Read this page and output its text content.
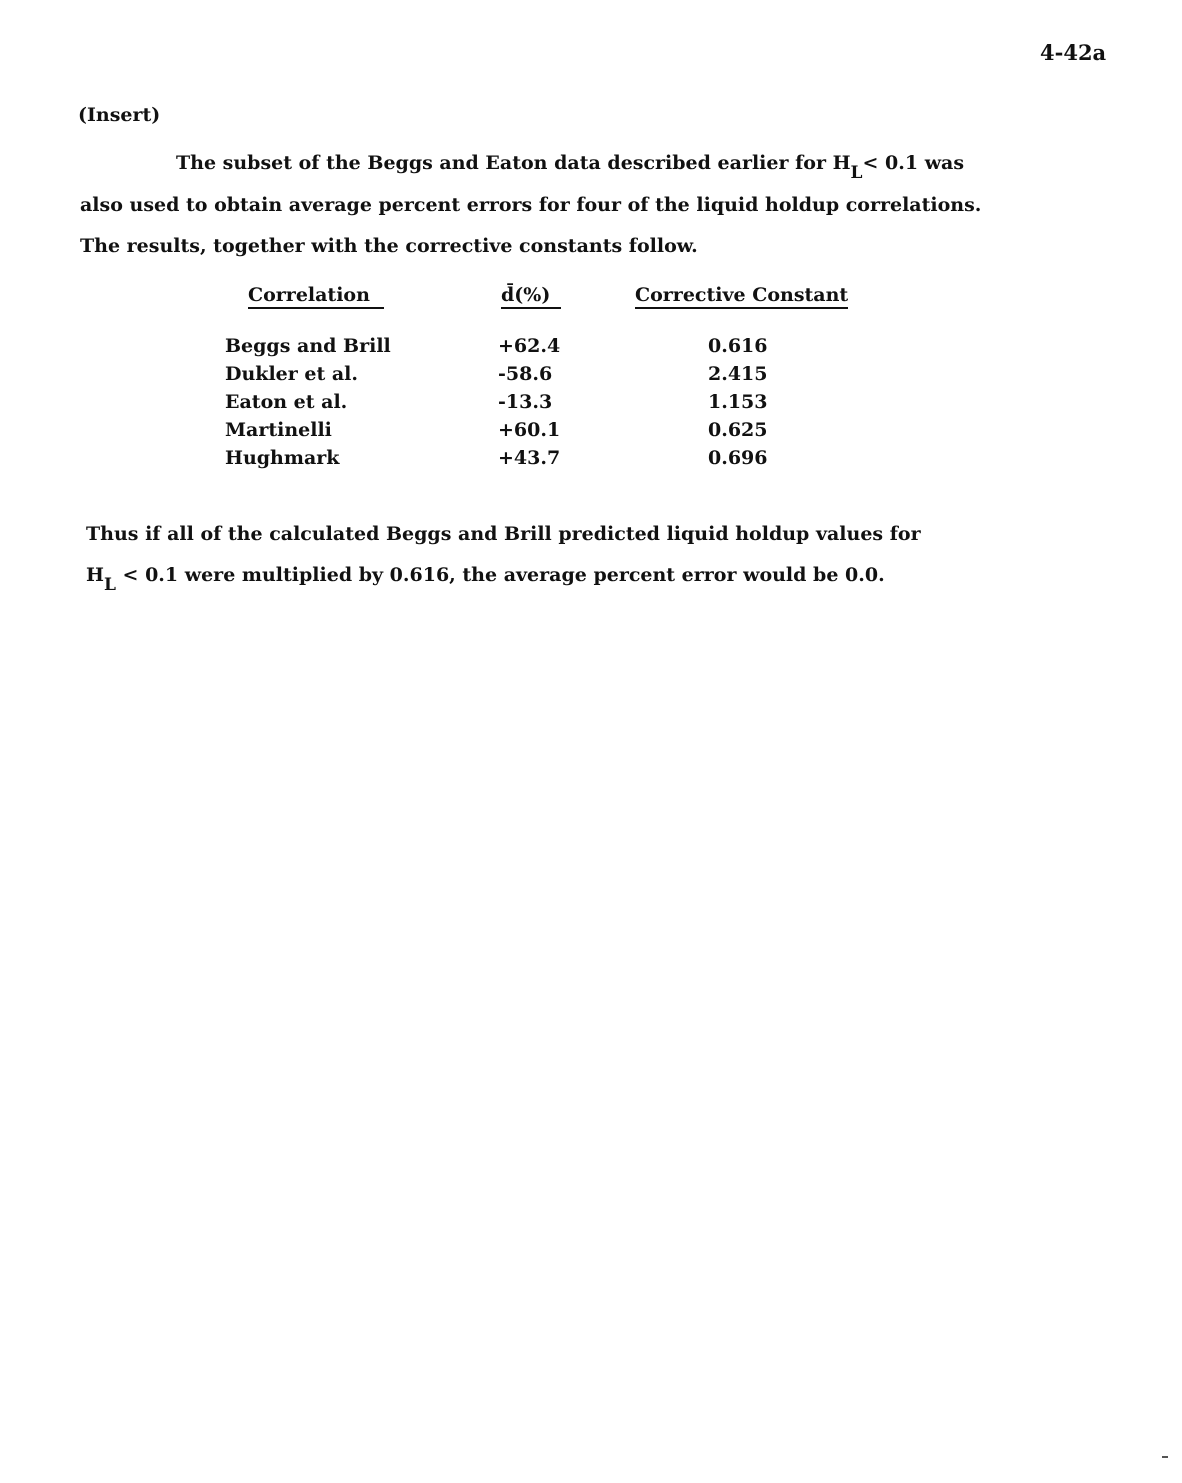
4-42a
(Insert)
The subset of the Beggs and Eaton data described earlier for HL< 0.1 was
also used to obtain average percent errors for four of the liquid holdup correlations.
The results, together with the corrective constants follow.
Correlation	d̄(%)	Corrective Constant
Beggs and Brill	+62.4	0.616
Dukler et al.	-58.6	2.415
Eaton et al.	-13.3	1.153
Martinelli	+60.1	0.625
Hughmark	+43.7	0.696
Thus if all of the calculated Beggs and Brill predicted liquid holdup values for
HL < 0.1 were multiplied by 0.616, the average percent error would be 0.0.
